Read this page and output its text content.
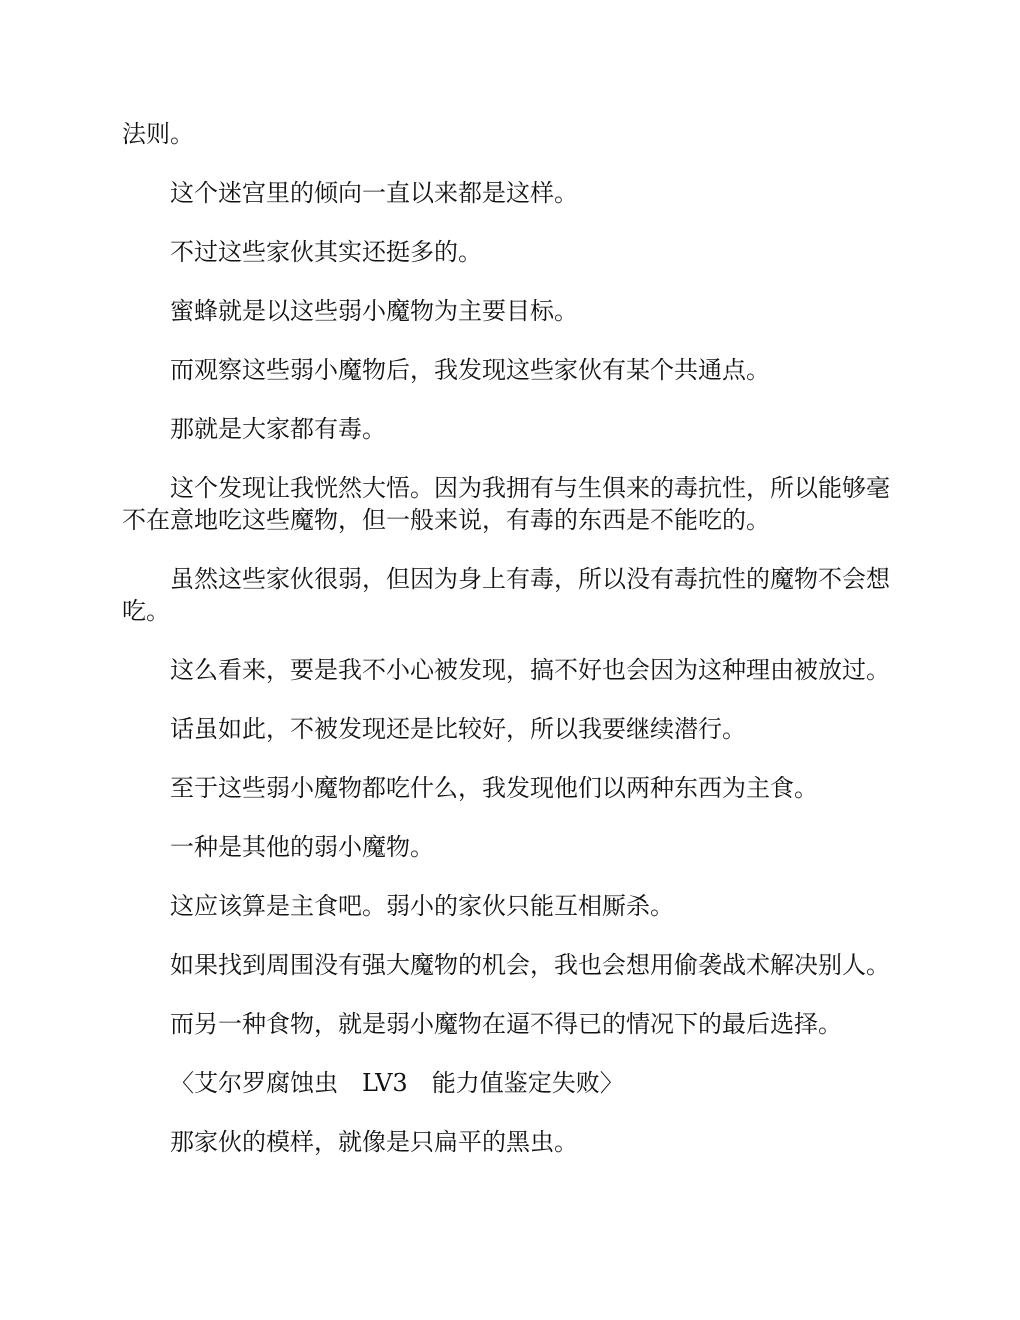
法则。

这个迷宫里的倾向一直以来都是这样。

不过这些家伙其实还挺多的。

蜜蜂就是以这些弱小魔物为主要目标。

而观察这些弱小魔物后，我发现这些家伙有某个共通点。

那就是大家都有毒。

这个发现让我恍然大悟。因为我拥有与生俱来的毒抗性，所以能够毫不在意地吃这些魔物，但一般来说，有毒的东西是不能吃的。

虽然这些家伙很弱，但因为身上有毒，所以没有毒抗性的魔物不会想吃。

这么看来，要是我不小心被发现，搞不好也会因为这种理由被放过。

话虽如此，不被发现还是比较好，所以我要继续潜行。

至于这些弱小魔物都吃什么，我发现他们以两种东西为主食。

一种是其他的弱小魔物。

这应该算是主食吧。弱小的家伙只能互相厮杀。

如果找到周围没有强大魔物的机会，我也会想用偷袭战术解决别人。

而另一种食物，就是弱小魔物在逼不得已的情况下的最后选择。

〈艾尔罗腐蚀虫　LV3　能力值鉴定失败〉

那家伙的模样，就像是只扁平的黑虫。
